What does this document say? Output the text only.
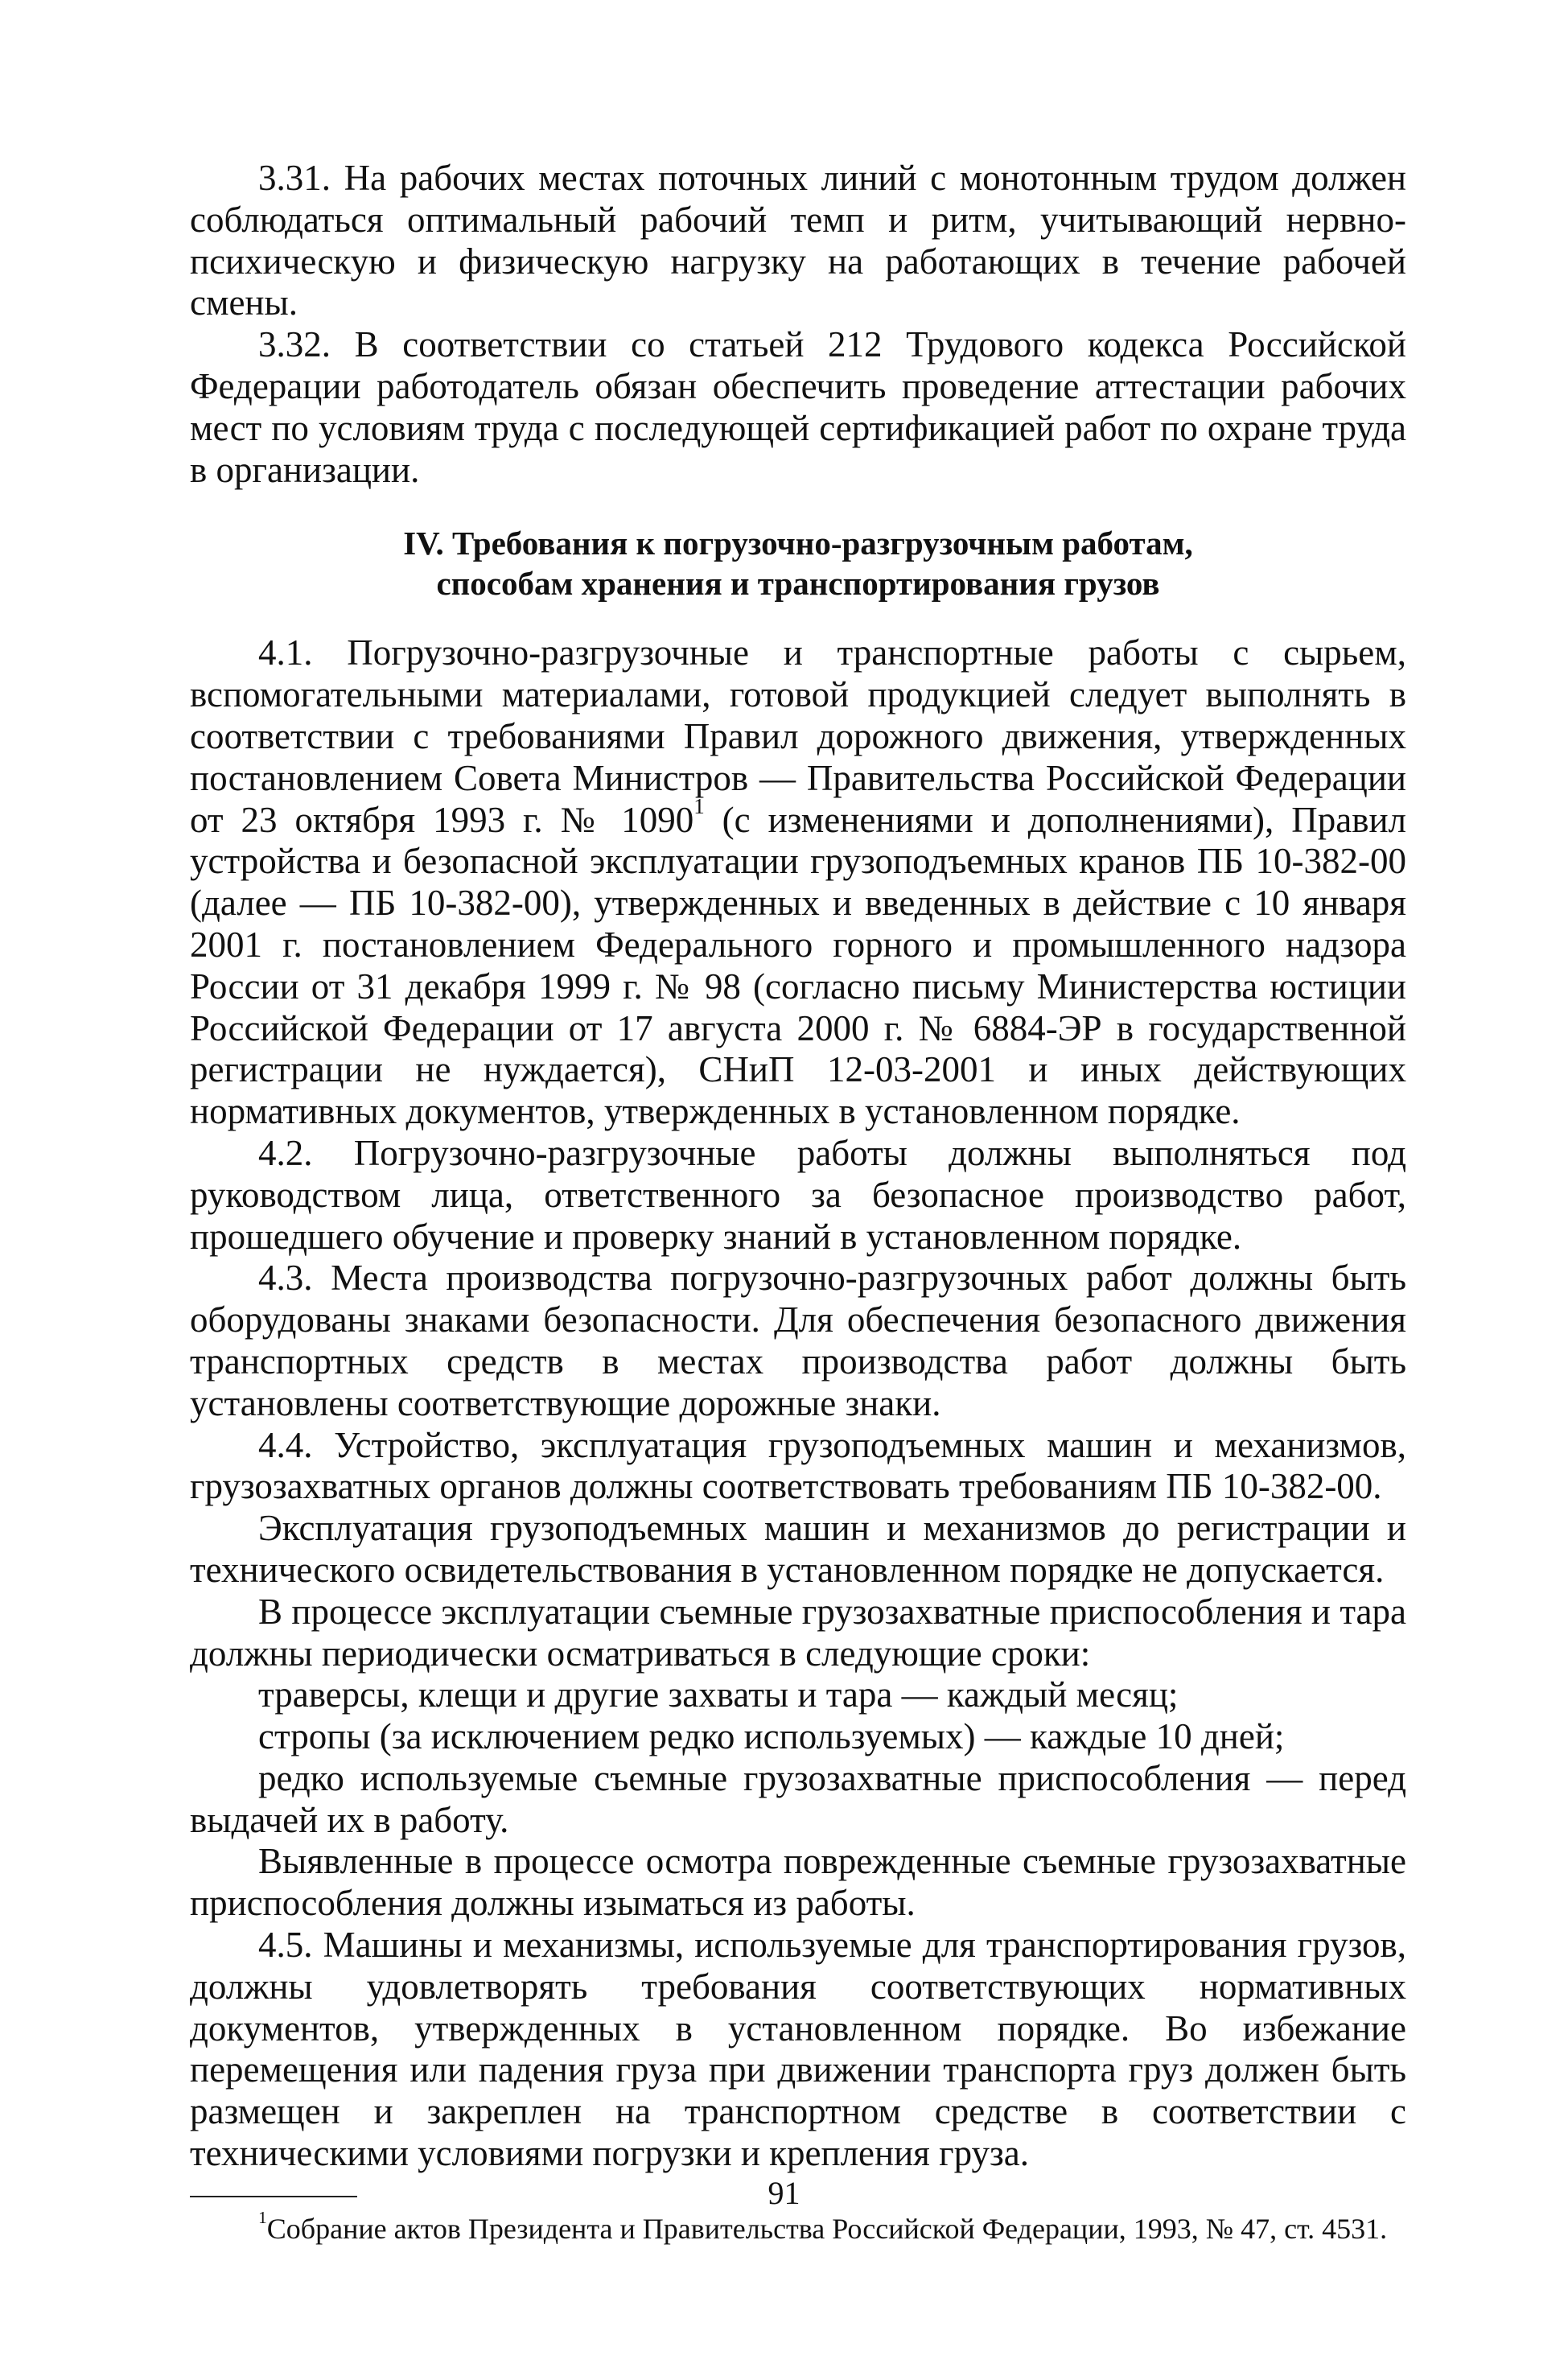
3.31. На рабочих местах поточных линий с монотонным трудом должен соблюдаться оптимальный рабочий темп и ритм, учитывающий нервно-психическую и физическую нагрузку на работающих в течение рабочей смены.

3.32. В соответствии со статьей 212 Трудового кодекса Российской Федерации работодатель обязан обеспечить проведение аттестации рабочих мест по условиям труда с последующей сертификацией работ по охране труда в организации.

IV. Требования к погрузочно-разгрузочным работам,
способам хранения и транспортирования грузов

4.1. Погрузочно-разгрузочные и транспортные работы с сырьем, вспомогательными материалами, готовой продукцией следует выполнять в соответствии с требованиями Правил дорожного движения, утвержденных постановлением Совета Министров — Правительства Российской Федерации от 23 октября 1993 г. № 1090$^1$ (с изменениями и дополнениями), Правил устройства и безопасной эксплуатации грузоподъемных кранов ПБ 10-382-00 (далее — ПБ 10-382-00), утвержденных и введенных в действие с 10 января 2001 г. постановлением Федерального горного и промышленного надзора России от 31 декабря 1999 г. № 98 (согласно письму Министерства юстиции Российской Федерации от 17 августа 2000 г. № 6884-ЭР в государственной регистрации не нуждается), СНиП 12-03-2001 и иных действующих нормативных документов, утвержденных в установленном порядке.

4.2. Погрузочно-разгрузочные работы должны выполняться под руководством лица, ответственного за безопасное производство работ, прошедшего обучение и проверку знаний в установленном порядке.

4.3. Места производства погрузочно-разгрузочных работ должны быть оборудованы знаками безопасности. Для обеспечения безопасного движения транспортных средств в местах производства работ должны быть установлены соответствующие дорожные знаки.

4.4. Устройство, эксплуатация грузоподъемных машин и механизмов, грузозахватных органов должны соответствовать требованиям ПБ 10-382-00.

Эксплуатация грузоподъемных машин и механизмов до регистрации и технического освидетельствования в установленном порядке не допускается.

В процессе эксплуатации съемные грузозахватные приспособления и тара должны периодически осматриваться в следующие сроки:

траверсы, клещи и другие захваты и тара — каждый месяц;

стропы (за исключением редко используемых) — каждые 10 дней;

редко используемые съемные грузозахватные приспособления — перед выдачей их в работу.

Выявленные в процессе осмотра поврежденные съемные грузозахватные приспособления должны изыматься из работы.

4.5. Машины и механизмы, используемые для транспортирования грузов, должны удовлетворять требования соответствующих нормативных документов, утвержденных в установленном порядке. Во избежание перемещения или падения груза при движении транспорта груз должен быть размещен и закреплен на транспортном средстве в соответствии с техническими условиями погрузки и крепления груза.

$^1$Собрание актов Президента и Правительства Российской Федерации, 1993, № 47, ст. 4531.

91
